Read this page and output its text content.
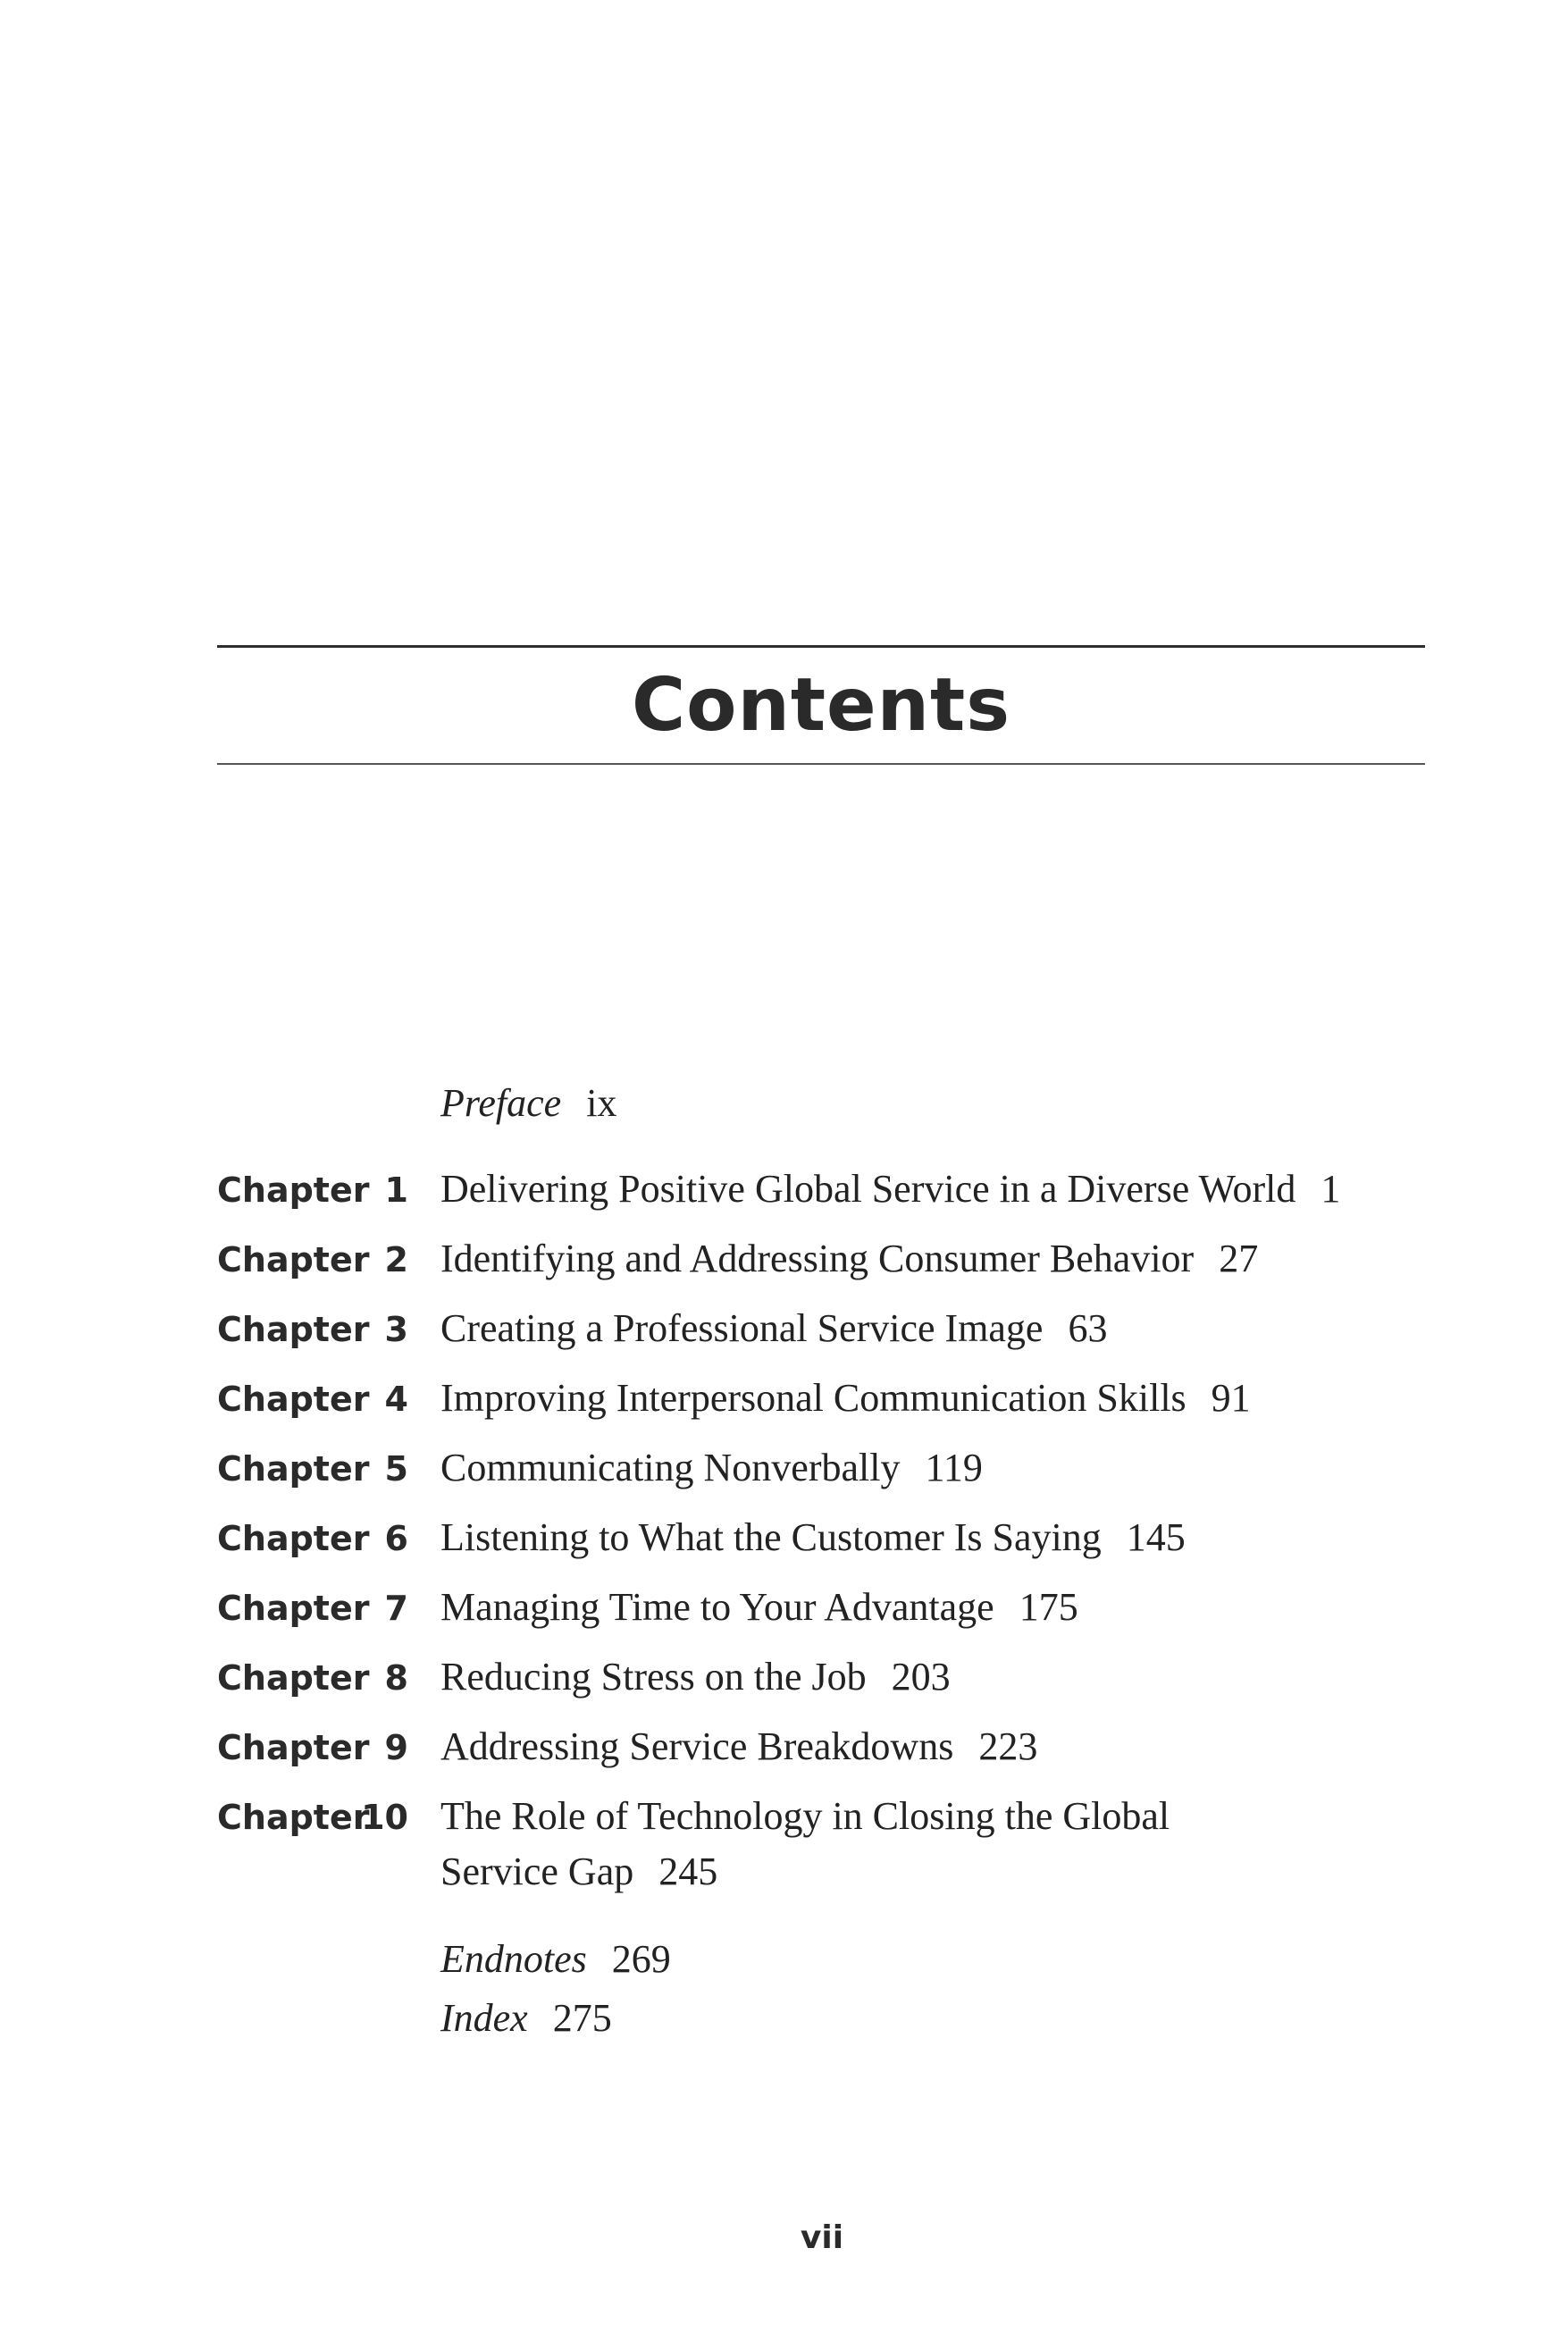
Contents
Preface ix
Chapter 1 Delivering Positive Global Service in a Diverse World 1
Chapter 2 Identifying and Addressing Consumer Behavior 27
Chapter 3 Creating a Professional Service Image 63
Chapter 4 Improving Interpersonal Communication Skills 91
Chapter 5 Communicating Nonverbally 119
Chapter 6 Listening to What the Customer Is Saying 145
Chapter 7 Managing Time to Your Advantage 175
Chapter 8 Reducing Stress on the Job 203
Chapter 9 Addressing Service Breakdowns 223
Chapter
10 The Role of Technology in Closing the Global
Service Gap 245
Endnotes 269
Index 275
vii
